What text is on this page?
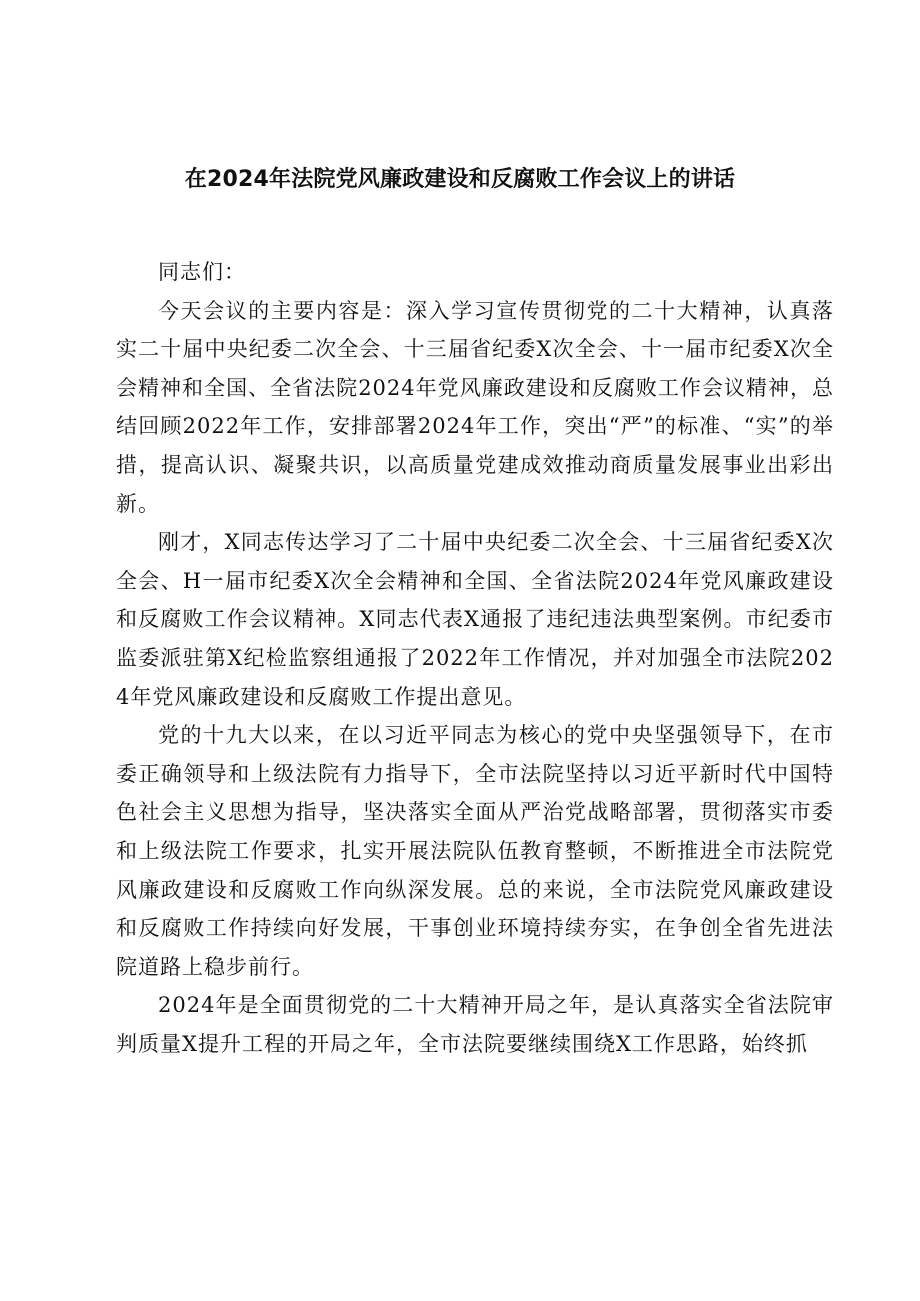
在2024年法院党风廉政建设和反腐败工作会议上的讲话

同志们：

今天会议的主要内容是：深入学习宣传贯彻党的二十大精神，认真落实二十届中央纪委二次全会、十三届省纪委X次全会、十一届市纪委X次全会精神和全国、全省法院2024年党风廉政建设和反腐败工作会议精神，总结回顾2022年工作，安排部署2024年工作，突出“严”的标准、“实”的举措，提高认识、凝聚共识，以高质量党建成效推动商质量发展事业出彩出新。

刚才，X同志传达学习了二十届中央纪委二次全会、十三届省纪委X次全会、H一届市纪委X次全会精神和全国、全省法院2024年党风廉政建设和反腐败工作会议精神。X同志代表X通报了违纪违法典型案例。市纪委市监委派驻第X纪检监察组通报了2022年工作情况，并对加强全市法院2024年党风廉政建设和反腐败工作提出意见。

党的十九大以来，在以习近平同志为核心的党中央坚强领导下，在市委正确领导和上级法院有力指导下，全市法院坚持以习近平新时代中国特色社会主义思想为指导，坚决落实全面从严治党战略部署，贯彻落实市委和上级法院工作要求，扎实开展法院队伍教育整顿，不断推进全市法院党风廉政建设和反腐败工作向纵深发展。总的来说，全市法院党风廉政建设和反腐败工作持续向好发展，干事创业环境持续夯实，在争创全省先进法院道路上稳步前行。

2024年是全面贯彻党的二十大精神开局之年，是认真落实全省法院审判质量X提升工程的开局之年，全市法院要继续围绕X工作思路，始终抓
